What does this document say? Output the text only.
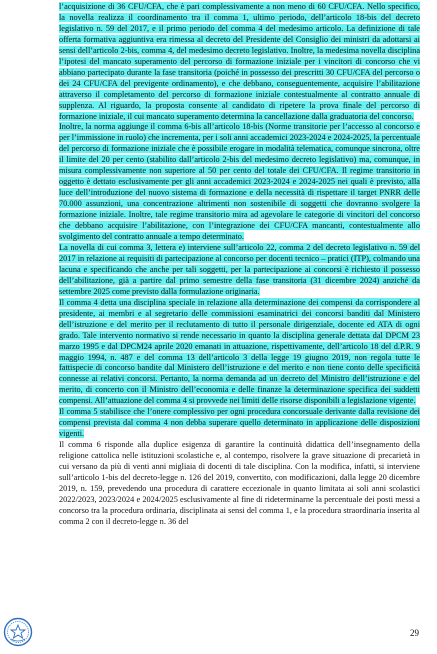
l’acquisizione di 36 CFU/CFA, che è pari complessivamente a non meno di 60 CFU/CFA. Nello specifico, la novella realizza il coordinamento tra il comma 1, ultimo periodo, dell’articolo 18-bis del decreto legislativo n. 59 del 2017, e il primo periodo del comma 4 del medesimo articolo. La definizione di tale offerta formativa aggiuntiva era rimessa al decreto del Presidente del Consiglio dei ministri da adottarsi ai sensi dell’articolo 2-bis, comma 4, del medesimo decreto legislativo. Inoltre, la medesima novella disciplina l’ipotesi del mancato superamento del percorso di formazione iniziale per i vincitori di concorso che vi abbiano partecipato durante la fase transitoria (poiché in possesso dei prescritti 30 CFU/CFA del percorso o dei 24 CFU/CFA del previgente ordinamento), e che debbano, conseguentemente, acquisire l’abilitazione attraverso il completamento del percorso di formazione iniziale contestualmente al contratto annuale di supplenza. Al riguardo, la proposta consente al candidato di ripetere la prova finale del percorso di formazione iniziale, il cui mancato superamento determina la cancellazione dalla graduatoria del concorso.

Inoltre, la norma aggiunge il comma 6-bis all’articolo 18-bis (Norme transitorie per l’accesso al concorso e per l’immissione in ruolo) che incrementa, per i soli anni accademici 2023-2024 e 2024-2025, la percentuale del percorso di formazione iniziale che è possibile erogare in modalità telematica, comunque sincrona, oltre il limite del 20 per cento (stabilito dall’articolo 2-bis del medesimo decreto legislativo) ma, comunque, in misura complessivamente non superiore al 50 per cento del totale dei CFU/CFA. Il regime transitorio in oggetto è dettato esclusivamente per gli anni accademici 2023-2024 e 2024-2025 nei quali è previsto, alla luce dell’introduzione del nuovo sistema di formazione e della necessità di rispettare il target PNRR delle 70.000 assunzioni, una concentrazione altrimenti non sostenibile di soggetti che dovranno svolgere la formazione iniziale. Inoltre, tale regime transitorio mira ad agevolare le categorie di vincitori del concorso che debbano acquisire l’abilitazione, con l’integrazione dei CFU/CFA mancanti, contestualmente allo svolgimento del contratto annuale a tempo determinato.

La novella di cui comma 3, lettera e) interviene sull’articolo 22, comma 2 del decreto legislativo n. 59 del 2017 in relazione ai requisiti di partecipazione al concorso per docenti tecnico – pratici (ITP), colmando una lacuna e specificando che anche per tali soggetti, per la partecipazione ai concorsi è richiesto il possesso dell’abilitazione, già a partire dal primo semestre della fase transitoria (31 dicembre 2024) anziché da settembre 2025 come previsto dalla formulazione originaria.

Il comma 4 detta una disciplina speciale in relazione alla determinazione dei compensi da corrispondere al presidente, ai membri e al segretario delle commissioni esaminatrici dei concorsi banditi dal Ministero dell’istruzione e del merito per il reclutamento di tutto il personale dirigenziale, docente ed ATA di ogni grado. Tale intervento normativo si rende necessario in quanto la disciplina generale dettata dal DPCM 23 marzo 1995 e dal DPCM24 aprile 2020 emanati in attuazione, rispettivamente, dell’articolo 18 del d.P.R. 9 maggio 1994, n. 487 e del comma 13 dell’articolo 3 della legge 19 giugno 2019, non regola tutte le fattispecie di concorso bandite dal Ministero dell’istruzione e del merito e non tiene conto delle specificità connesse ai relativi concorsi. Pertanto, la norma demanda ad un decreto del Ministro dell’istruzione e del merito, di concerto con il Ministro dell’economia e delle finanze la determinazione specifica dei suddetti compensi. All’attuazione del comma 4 si provvede nei limiti delle risorse disponibili a legislazione vigente.

Il comma 5 stabilisce che l’onere complessivo per ogni procedura concorsuale derivante dalla revisione dei compensi prevista dal comma 4 non debba superare quello determinato in applicazione delle disposizioni vigenti.

Il comma 6 risponde alla duplice esigenza di garantire la continuità didattica dell’insegnamento della religione cattolica nelle istituzioni scolastiche e, al contempo, risolvere la grave situazione di precarietà in cui versano da più di venti anni migliaia di docenti di tale disciplina. Con la modifica, infatti, si interviene sull’articolo 1-bis del decreto-legge n. 126 del 2019, convertito, con modificazioni, dalla legge 20 dicembre 2019, n. 159, prevedendo una procedura di carattere eccezionale in quanto limitata ai soli anni scolastici 2022/2023, 2023/2024 e 2024/2025 esclusivamente al fine di rideterminarne la percentuale dei posti messi a concorso tra la procedura ordinaria, disciplinata ai sensi del comma 1, e la procedura straordinaria inserita al comma 2 con il decreto-legge n. 36 del

29
